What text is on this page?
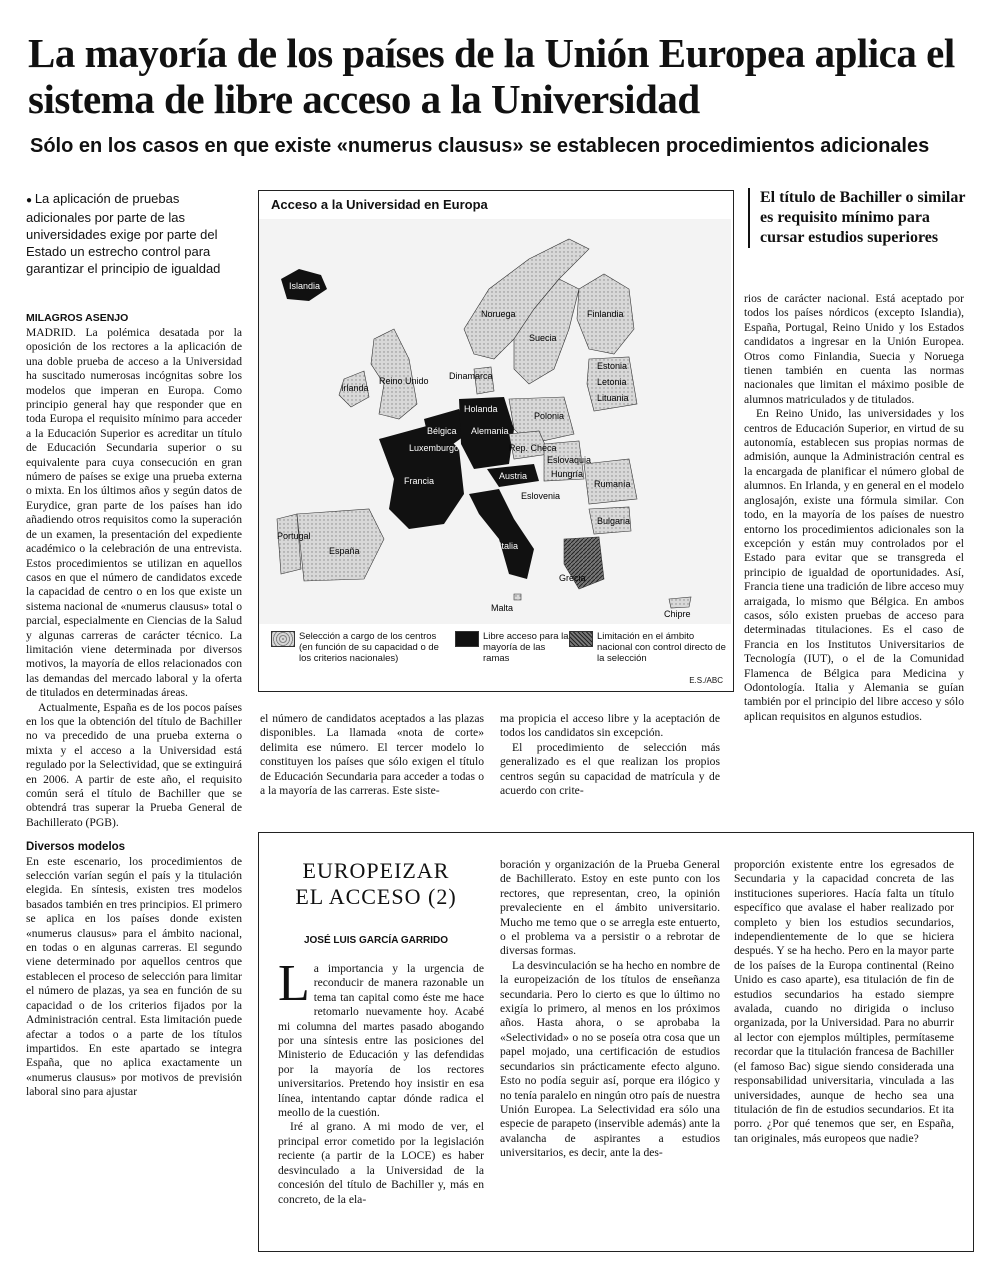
La mayoría de los países de la Unión Europea aplica el sistema de libre acceso a la Universidad
Sólo en los casos en que existe «numerus clausus» se establecen procedimientos adicionales
● La aplicación de pruebas adicionales por parte de las universidades exige por parte del Estado un estrecho control para garantizar el principio de igualdad
MILAGROS ASENJO

MADRID. La polémica desatada por la oposición de los rectores a la aplicación de una doble prueba de acceso a la Universidad ha suscitado numerosas incógnitas sobre los modelos que imperan en Europa. Como principio general hay que responder que en toda Europa el requisito mínimo para acceder a la Educación Superior es acreditar un título de Educación Secundaria superior o su equivalente para cuya consecución en gran número de países se exige una prueba externa o mixta. En los últimos años y según datos de Eurydice, gran parte de los países han ido añadiendo otros requisitos como la superación de un examen, la presentación del expediente académico o la celebración de una entrevista. Estos procedimientos se utilizan en aquellos casos en que el número de candidatos excede la capacidad de centro o en los que existe un sistema nacional de «numerus clausus» total o parcial, especialmente en Ciencias de la Salud y algunas carreras de carácter técnico. La limitación viene determinada por diversos motivos, la mayoría de ellos relacionados con las demandas del mercado laboral y la oferta de titulados en determinadas áreas.

Actualmente, España es de los pocos países en los que la obtención del título de Bachiller no va precedido de una prueba externa o mixta y el acceso a la Universidad está regulado por la Selectividad, que se extinguirá en 2006. A partir de este año, el requisito común será el título de Bachiller que se obtendrá tras superar la Prueba General de Bachillerato (PGB).

Diversos modelos

En este escenario, los procedimientos de selección varían según el país y la titulación elegida. En síntesis, existen tres modelos basados también en tres principios. El primero se aplica en los países donde existen «numerus clausus» para el ámbito nacional, en todas o en algunas carreras. El segundo viene determinado por aquellos centros que establecen el proceso de selección para limitar el número de plazas, ya sea en función de su capacidad o de los criterios fijados por la Administración central. Esta limitación puede afectar a todos o a parte de los títulos impartidos. En este apartado se integra España, que no aplica exactamente un «numerus clausus» por motivos de previsión laboral sino para ajustar

Acceso a la Universidad en Europa
Islandia
Noruega
Suecia
Finlandia
Estonia
Letonia
Lituania
Dinamarca
Irlanda
Reino Unido
Holanda
Bélgica
Luxemburgo
Alemania
Polonia
Rep. Checa
Eslovaquia
Hungría
Austria
Eslovenia
Francia
Portugal
España	Italia
Rumanía
Bulgaria
Grecia
Malta
Chipre
Selección a cargo de los centros (en función de su capacidad o de los criterios nacionales)
Libre acceso para la mayoría de las ramas
Limitación en el ámbito nacional con control directo de la selección
E.S./ABC
El título de Bachiller o similar es requisito mínimo para cursar estudios superiores

el número de candidatos aceptados a las plazas disponibles. La llamada «nota de corte» delimita ese número. El tercer modelo lo constituyen los países que sólo exigen el título de Educación Secundaria para acceder a todas o a la mayoría de las carreras. Este siste-

ma propicia el acceso libre y la aceptación de todos los candidatos sin excepción.

El procedimiento de selección más generalizado es el que realizan los propios centros según su capacidad de matrícula y de acuerdo con crite-

rios de carácter nacional. Está aceptado por todos los países nórdicos (excepto Islandia), España, Portugal, Reino Unido y los Estados candidatos a ingresar en la Unión Europea. Otros como Finlandia, Suecia y Noruega tienen también en cuenta las normas nacionales que limitan el máximo posible de alumnos matriculados y de titulados.

En Reino Unido, las universidades y los centros de Educación Superior, en virtud de su autonomía, establecen sus propias normas de admisión, aunque la Administración central es la encargada de planificar el número global de alumnos. En Irlanda, y en general en el modelo anglosajón, existe una fórmula similar. Con todo, en la mayoría de los países de nuestro entorno los procedimientos adicionales son la excepción y están muy controlados por el Estado para evitar que se transgreda el principio de igualdad de oportunidades. Así, Francia tiene una tradición de libre acceso muy arraigada, lo mismo que Bélgica. En ambos casos, sólo existen pruebas de acceso para determinadas titulaciones. Es el caso de Francia en los Institutos Universitarios de Tecnología (IUT), o el de la Comunidad Flamenca de Bélgica para Medicina y Odontología. Italia y Alemania se guían también por el principio del libre acceso y sólo aplican requisitos en algunos estudios.

EUROPEIZAR EL ACCESO (2)
JOSÉ LUIS GARCÍA GARRIDO

La importancia y la urgencia de reconducir de manera razonable un tema tan capital como éste me hace retomarlo nuevamente hoy. Acabé mi columna del martes pasado abogando por una síntesis entre las posiciones del Ministerio de Educación y las defendidas por la mayoría de los rectores universitarios. Pretendo hoy insistir en esa línea, intentando captar dónde radica el meollo de la cuestión.

Iré al grano. A mi modo de ver, el principal error cometido por la legislación reciente (a partir de la LOCE) es haber desvinculado a la Universidad de la concesión del título de Bachiller y, más en concreto, de la ela-

boración y organización de la Prueba General de Bachillerato. Estoy en este punto con los rectores, que representan, creo, la opinión prevaleciente en el ámbito universitario. Mucho me temo que o se arregla este entuerto, o el problema va a persistir o a rebrotar de diversas formas.

La desvinculación se ha hecho en nombre de la europeización de los títulos de enseñanza secundaria. Pero lo cierto es que lo último no exigía lo primero, al menos en los próximos años. Hasta ahora, o se aprobaba la «Selectividad» o no se poseía otra cosa que un papel mojado, una certificación de estudios secundarios sin prácticamente efecto alguno. Esto no podía seguir así, porque era ilógico y no tenía paralelo en ningún otro país de nuestra Unión Europea. La Selectividad era sólo una especie de parapeto (inservible además) ante la avalancha de aspirantes a estudios universitarios, es decir, ante la des-

proporción existente entre los egresados de Secundaria y la capacidad concreta de las instituciones superiores. Hacía falta un título específico que avalase el haber realizado por completo y bien los estudios secundarios, independientemente de lo que se hiciera después. Y se ha hecho. Pero en la mayor parte de los países de la Europa continental (Reino Unido es caso aparte), esa titulación de fin de estudios secundarios ha estado siempre avalada, cuando no dirigida o incluso organizada, por la Universidad. Para no aburrir al lector con ejemplos múltiples, permítaseme recordar que la titulación francesa de Bachiller (el famoso Bac) sigue siendo considerada una responsabilidad universitaria, vinculada a las universidades, aunque de hecho sea una titulación de fin de estudios secundarios. Et ita porro. ¿Por qué tenemos que ser, en España, tan originales, más europeos que nadie?
